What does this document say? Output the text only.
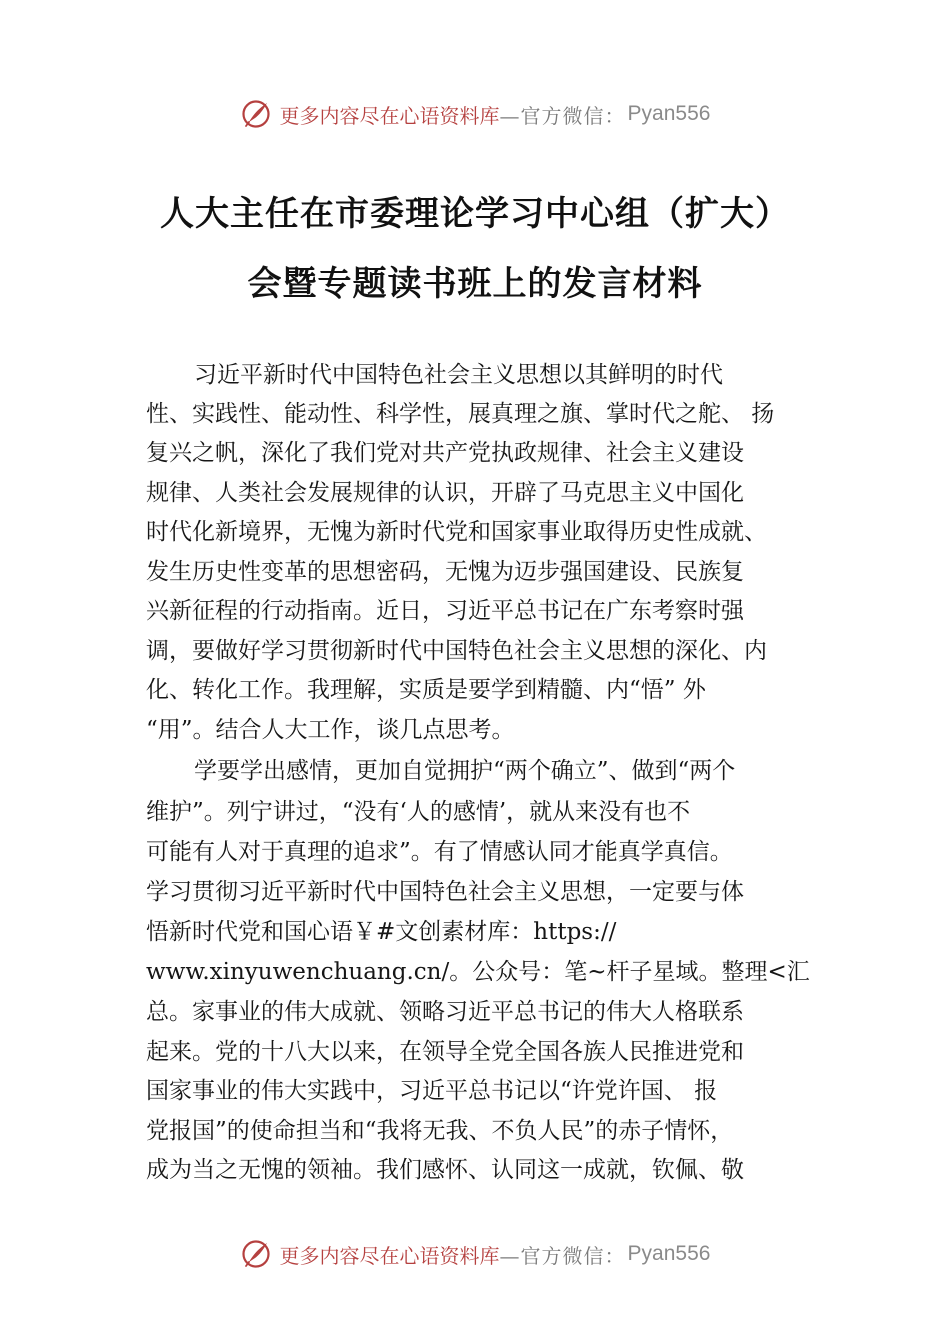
更多内容尽在心语资料库 —官方微信： Pyan556
人大主任在市委理论学习中心组（扩大）
会暨专题读书班上的发言材料
习近平新时代中国特色社会主义思想以其鲜明的时代
性、实践性、能动性、科学性，展真理之旗、掌时代之舵、 扬
复兴之帆，深化了我们党对共产党执政规律、社会主义建设
规律、人类社会发展规律的认识，开辟了马克思主义中国化
时代化新境界，无愧为新时代党和国家事业取得历史性成就、
发生历史性变革的思想密码，无愧为迈步强国建设、民族复
兴新征程的行动指南。近日，习近平总书记在广东考察时强
调，要做好学习贯彻新时代中国特色社会主义思想的深化、内
化、转化工作。我理解，实质是要学到精髓、内“悟” 外
“用”。结合人大工作，谈几点思考。
学要学出感情，更加自觉拥护“两个确立”、做到“两个
维护”。列宁讲过，“没有‘人的感情’，就从来没有也不
可能有人对于真理的追求”。有了情感认同才能真学真信。
学习贯彻习近平新时代中国特色社会主义思想，一定要与体
悟新时代党和国心语￥#文创素材库：https://
www.xinyuwenchuang.cn/。公众号：笔~杆子星域。整理<汇
总。家事业的伟大成就、领略习近平总书记的伟大人格联系
起来。党的十八大以来，在领导全党全国各族人民推进党和
国家事业的伟大实践中，习近平总书记以“许党许国、 报
党报国”的使命担当和“我将无我、不负人民”的赤子情怀，
成为当之无愧的领袖。我们感怀、认同这一成就，钦佩、敬
更多内容尽在心语资料库 —官方微信： Pyan556
